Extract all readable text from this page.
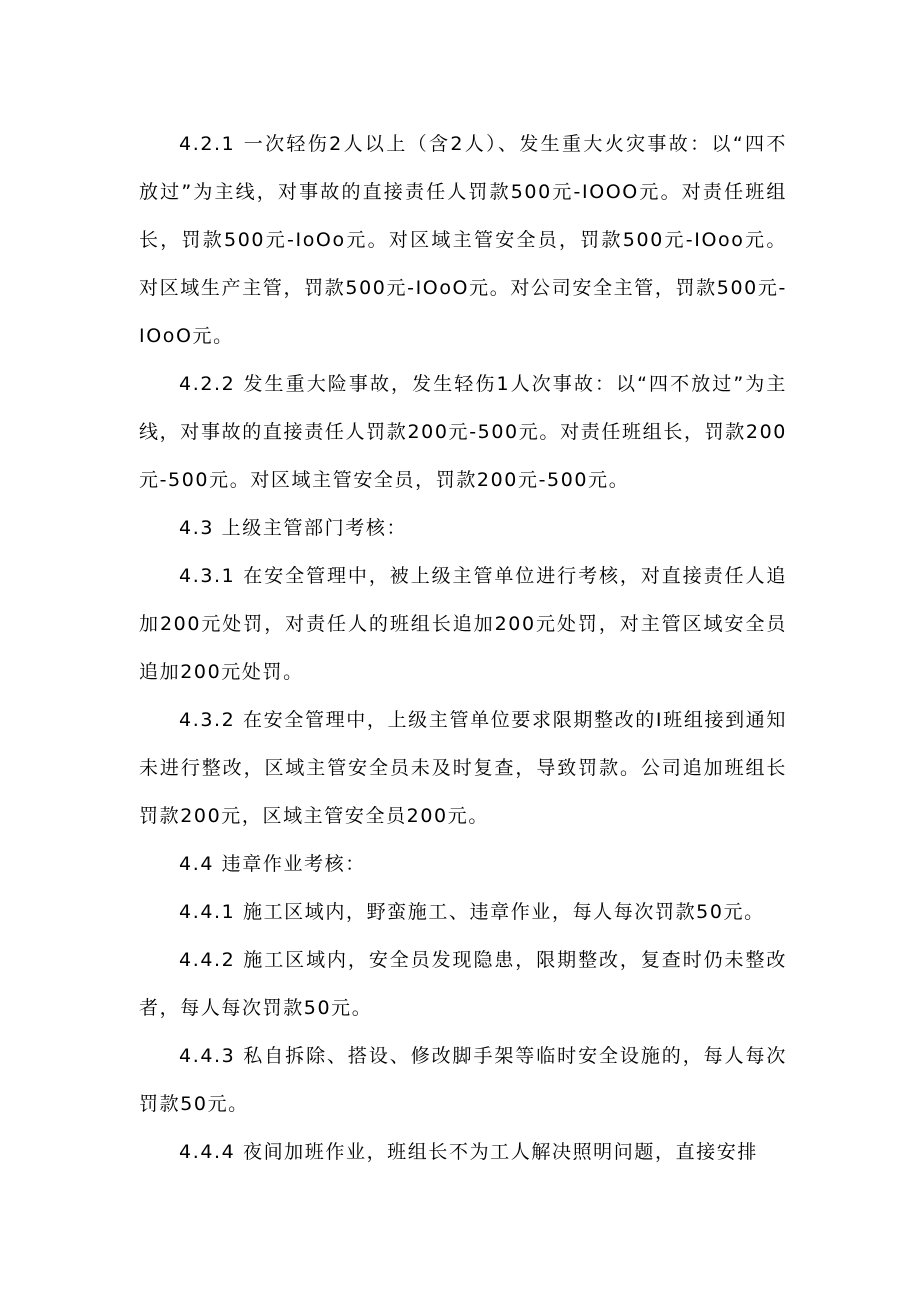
4.2.1 一次轻伤2人以上（含2人）、发生重大火灾事故：以“四不放过”为主线，对事故的直接责任人罚款500元-IOOO元。对责任班组长，罚款500元-IoOo元。对区域主管安全员，罚款500元-IOoo元。对区域生产主管，罚款500元-IOoO元。对公司安全主管，罚款500元-IOoO元。

4.2.2 发生重大险事故，发生轻伤1人次事故：以“四不放过”为主线，对事故的直接责任人罚款200元-500元。对责任班组长，罚款200元-500元。对区域主管安全员，罚款200元-500元。

4.3 上级主管部门考核：

4.3.1 在安全管理中，被上级主管单位进行考核，对直接责任人追加200元处罚，对责任人的班组长追加200元处罚，对主管区域安全员追加200元处罚。

4.3.2 在安全管理中，上级主管单位要求限期整改的I班组接到通知未进行整改，区域主管安全员未及时复查，导致罚款。公司追加班组长罚款200元，区域主管安全员200元。

4.4 违章作业考核：

4.4.1 施工区域内，野蛮施工、违章作业，每人每次罚款50元。

4.4.2 施工区域内，安全员发现隐患，限期整改，复查时仍未整改者，每人每次罚款50元。

4.4.3 私自拆除、搭设、修改脚手架等临时安全设施的，每人每次罚款50元。

4.4.4 夜间加班作业，班组长不为工人解决照明问题，直接安排
